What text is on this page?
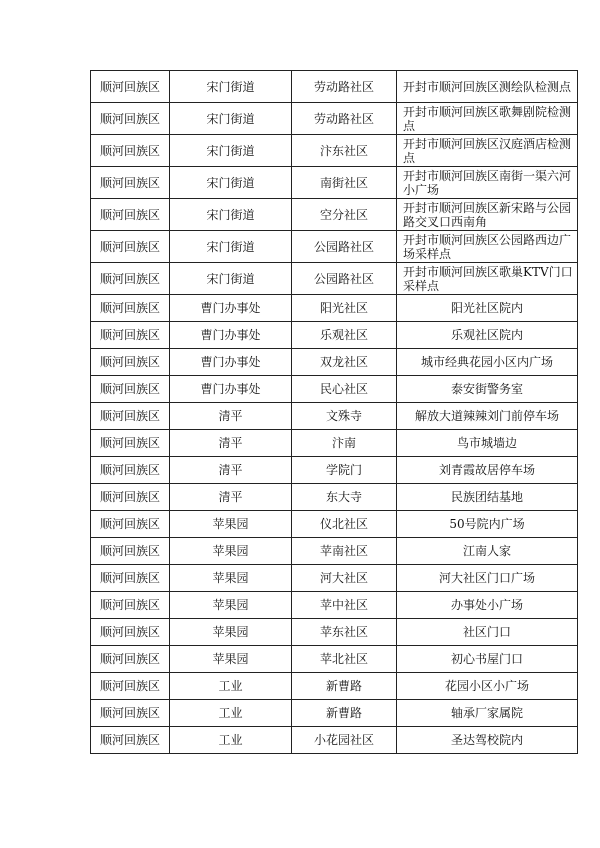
顺河回族区	宋门街道	劳动路社区	开封市顺河回族区测绘队检测点
顺河回族区	宋门街道	劳动路社区	开封市顺河回族区歌舞剧院检测点
顺河回族区	宋门街道	汴东社区	开封市顺河回族区汉庭酒店检测点
顺河回族区	宋门街道	南街社区	开封市顺河回族区南街一渠六河小广场
顺河回族区	宋门街道	空分社区	开封市顺河回族区新宋路与公园路交叉口西南角
顺河回族区	宋门街道	公园路社区	开封市顺河回族区公园路西边广场采样点
顺河回族区	宋门街道	公园路社区	开封市顺河回族区歌巢KTV门口采样点
顺河回族区	曹门办事处	阳光社区	阳光社区院内
顺河回族区	曹门办事处	乐观社区	乐观社区院内
顺河回族区	曹门办事处	双龙社区	城市经典花园小区内广场
顺河回族区	曹门办事处	民心社区	泰安街警务室
顺河回族区	清平	文殊寺	解放大道辣辣刘门前停车场
顺河回族区	清平	汴南	鸟市城墙边
顺河回族区	清平	学院门	刘青霞故居停车场
顺河回族区	清平	东大寺	民族团结基地
顺河回族区	苹果园	仪北社区	50号院内广场
顺河回族区	苹果园	苹南社区	江南人家
顺河回族区	苹果园	河大社区	河大社区门口广场
顺河回族区	苹果园	苹中社区	办事处小广场
顺河回族区	苹果园	苹东社区	社区门口
顺河回族区	苹果园	苹北社区	初心书屋门口
顺河回族区	工业	新曹路	花园小区小广场
顺河回族区	工业	新曹路	轴承厂家属院
顺河回族区	工业	小花园社区	圣达驾校院内
